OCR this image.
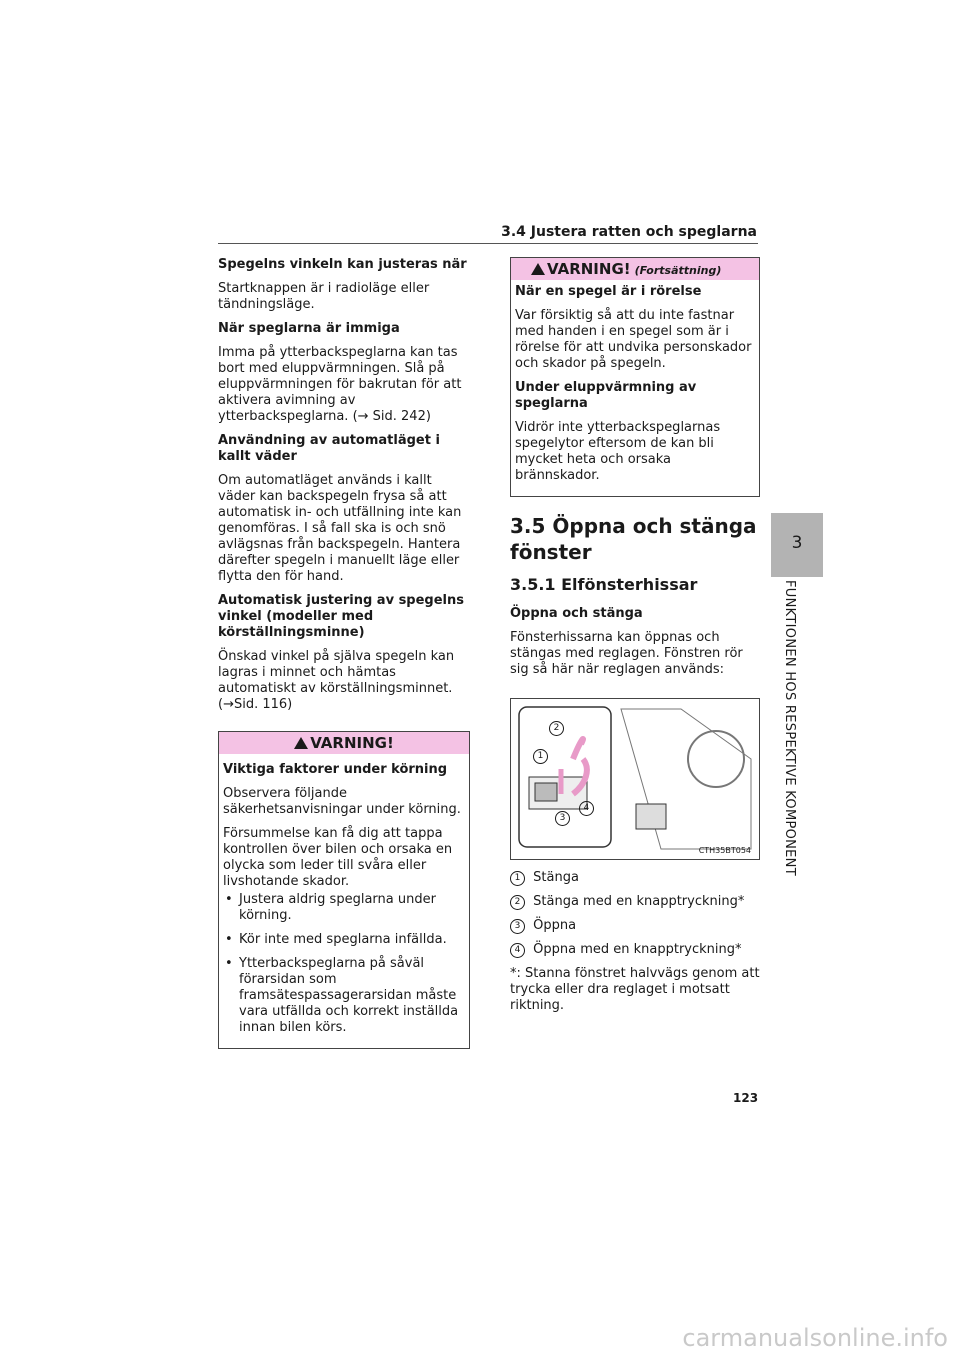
3.4 Justera ratten och speglarna
3
FUNKTIONEN HOS RESPEKTIVE KOMPONENT

Spegelns vinkeln kan justeras när

Startknappen är i radioläge eller tändningsläge.

När speglarna är immiga

Imma på ytterbackspeglarna kan tas bort med eluppvärmningen. Slå på eluppvärmningen för bakrutan för att aktivera avimning av ytterbackspeglarna. (→ Sid. 242)

Användning av automatläget i kallt väder

Om automatläget används i kallt väder kan backspegeln frysa så att automatisk in- och utfällning inte kan genomföras. I så fall ska is och snö avlägsnas från backspegeln. Hantera därefter spegeln i manuellt läge eller flytta den för hand.

Automatisk justering av spegelns vinkel (modeller med körställningsminne)

Önskad vinkel på själva spegeln kan lagras i minnet och hämtas automatiskt av körställningsminnet. (→Sid. 116)

VARNING!

Viktiga faktorer under körning

Observera följande säkerhetsanvisningar under körning.

Försummelse kan få dig att tappa kontrollen över bilen och orsaka en olycka som leder till svåra eller livshotande skador.

• Justera aldrig speglarna under körning.
• Kör inte med speglarna infällda.
• Ytterbackspeglarna på såväl förarsidan som framsätespassagerarsidan måste vara utfällda och korrekt inställda innan bilen körs.
VARNING! (Fortsättning)

När en spegel är i rörelse

Var försiktig så att du inte fastnar med handen i en spegel som är i rörelse för att undvika personskador och skador på spegeln.

Under eluppvärmning av speglarna

Vidrör inte ytterbackspeglarnas spegelytor eftersom de kan bli mycket heta och orsaka brännskador.

3.5 Öppna och stänga fönster
3.5.1 Elfönsterhissar

Öppna och stänga

Fönsterhissarna kan öppnas och stängas med reglagen. Fönstren rör sig så här när reglagen används:

2
1
3
4
CTH35BT054
1 Stänga
2 Stänga med en knapptryckning*
3 Öppna
4 Öppna med en knapptryckning*

*: Stanna fönstret halvvägs genom att trycka eller dra reglaget i motsatt riktning.

123
carmanualsonline.info
